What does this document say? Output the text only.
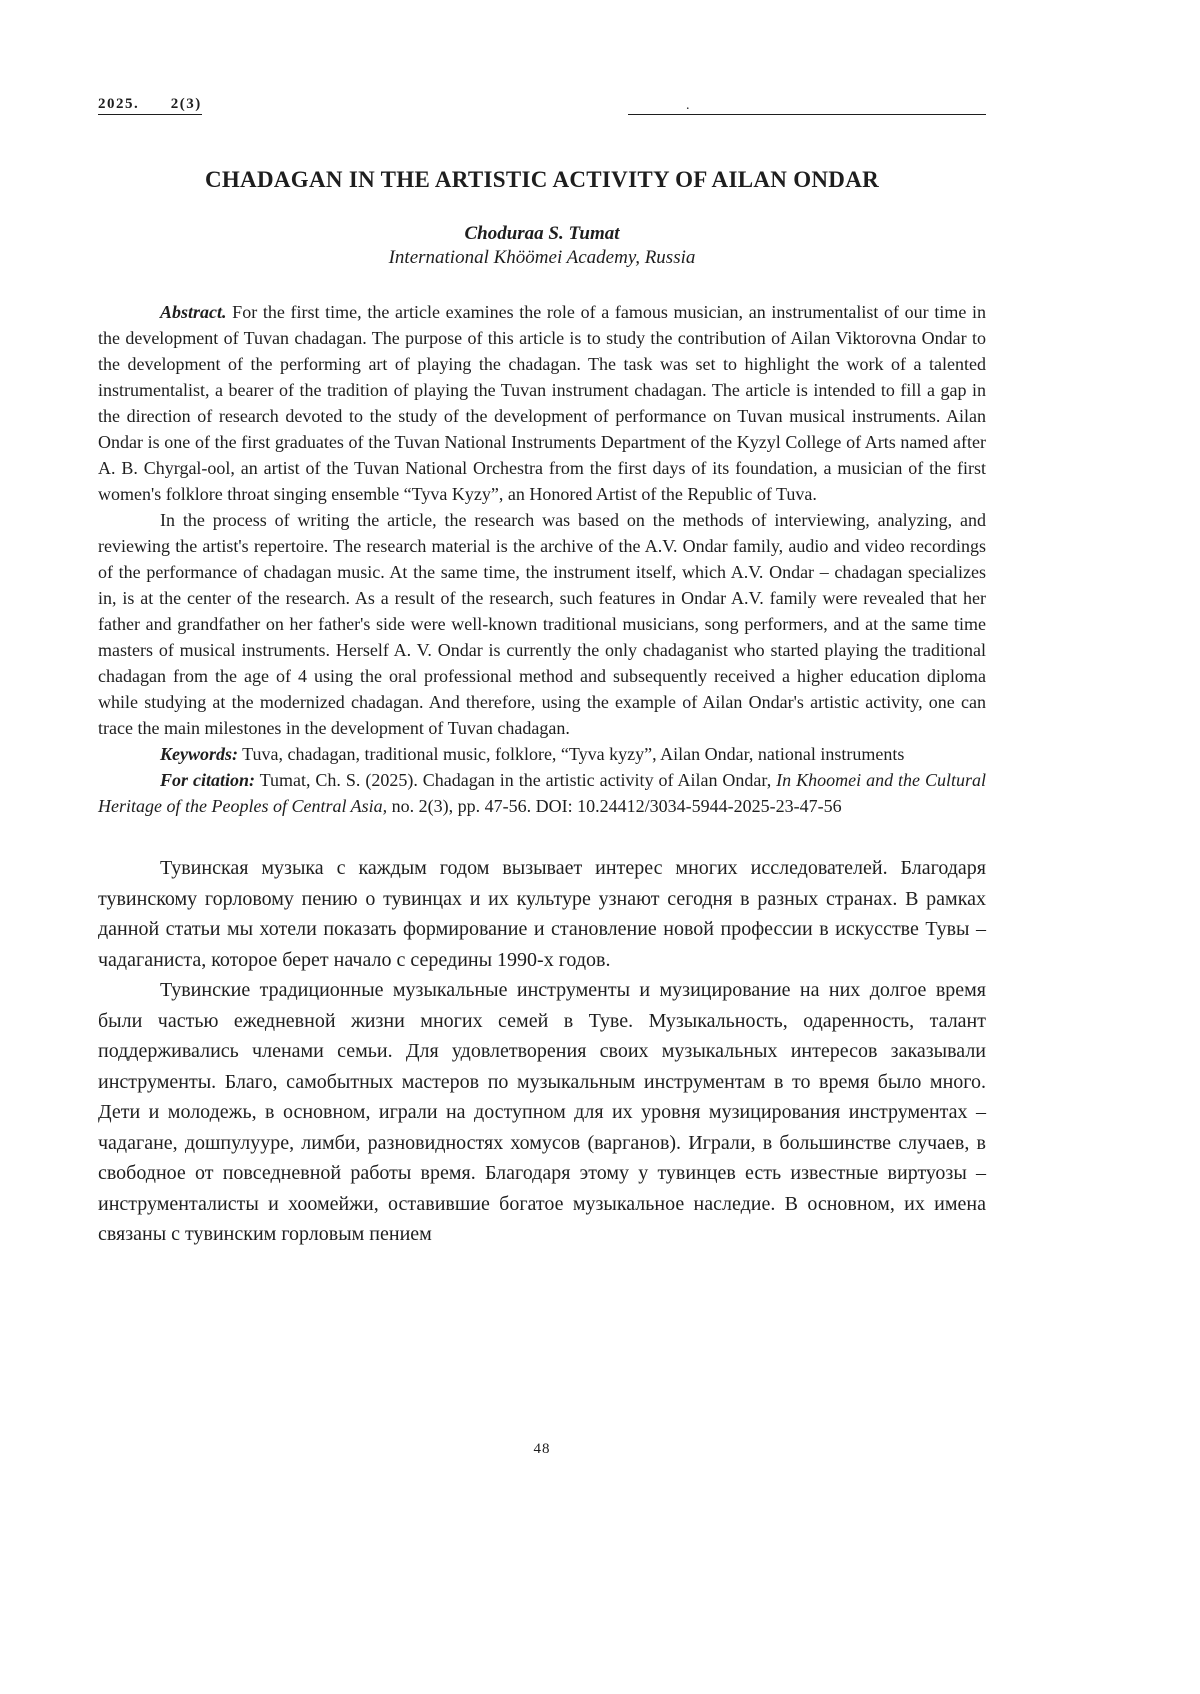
2025.      2(3)	.
CHADAGAN IN THE ARTISTIC ACTIVITY OF AILAN ONDAR
Choduraa S. Tumat
International Khöömei Academy, Russia

Abstract. For the first time, the article examines the role of a famous musician, an instrumentalist of our time in the development of Tuvan chadagan. The purpose of this article is to study the contribution of Ailan Viktorovna Ondar to the development of the performing art of playing the chadagan. The task was set to highlight the work of a talented instrumentalist, a bearer of the tradition of playing the Tuvan instrument chadagan. The article is intended to fill a gap in the direction of research devoted to the study of the development of performance on Tuvan musical instruments. Ailan Ondar is one of the first graduates of the Tuvan National Instruments Department of the Kyzyl College of Arts named after A. B. Chyrgal-ool, an artist of the Tuvan National Orchestra from the first days of its foundation, a musician of the first women's folklore throat singing ensemble “Tyva Kyzy”, an Honored Artist of the Republic of Tuva.

In the process of writing the article, the research was based on the methods of interviewing, analyzing, and reviewing the artist's repertoire. The research material is the archive of the A.V. Ondar family, audio and video recordings of the performance of chadagan music. At the same time, the instrument itself, which A.V. Ondar – chadagan specializes in, is at the center of the research. As a result of the research, such features in Ondar A.V. family were revealed that her father and grandfather on her father's side were well-known traditional musicians, song performers, and at the same time masters of musical instruments. Herself A. V. Ondar is currently the only chadaganist who started playing the traditional chadagan from the age of 4 using the oral professional method and subsequently received a higher education diploma while studying at the modernized chadagan. And therefore, using the example of Ailan Ondar's artistic activity, one can trace the main milestones in the development of Tuvan chadagan.

Keywords: Tuva, chadagan, traditional music, folklore, “Tyva kyzy”, Ailan Ondar, national instruments

For citation: Tumat, Ch. S. (2025). Chadagan in the artistic activity of Ailan Ondar, In Khoomei and the Cultural Heritage of the Peoples of Central Asia, no. 2(3), pp. 47-56. DOI: 10.24412/3034-5944-2025-23-47-56

Тувинская музыка с каждым годом вызывает интерес многих исследователей. Благодаря тувинскому горловому пению о тувинцах и их культуре узнают сегодня в разных странах. В рамках данной статьи мы хотели показать формирование и становление новой профессии в искусстве Тувы – чадаганиста, которое берет начало с середины 1990-х годов.

Тувинские традиционные музыкальные инструменты и музицирование на них долгое время были частью ежедневной жизни многих семей в Туве. Музыкальность, одаренность, талант поддерживались членами семьи. Для удовлетворения своих музыкальных интересов заказывали инструменты. Благо, самобытных мастеров по музыкальным инструментам в то время было много. Дети и молодежь, в основном, играли на доступном для их уровня музицирования инструментах – чадагане, дошпулууре, лимби, разновидностях хомусов (варганов). Играли, в большинстве случаев, в свободное от повседневной работы время. Благодаря этому у тувинцев есть известные виртуозы – инструменталисты и хоомейжи, оставившие богатое музыкальное наследие. В основном, их имена связаны с тувинским горловым пением

48
